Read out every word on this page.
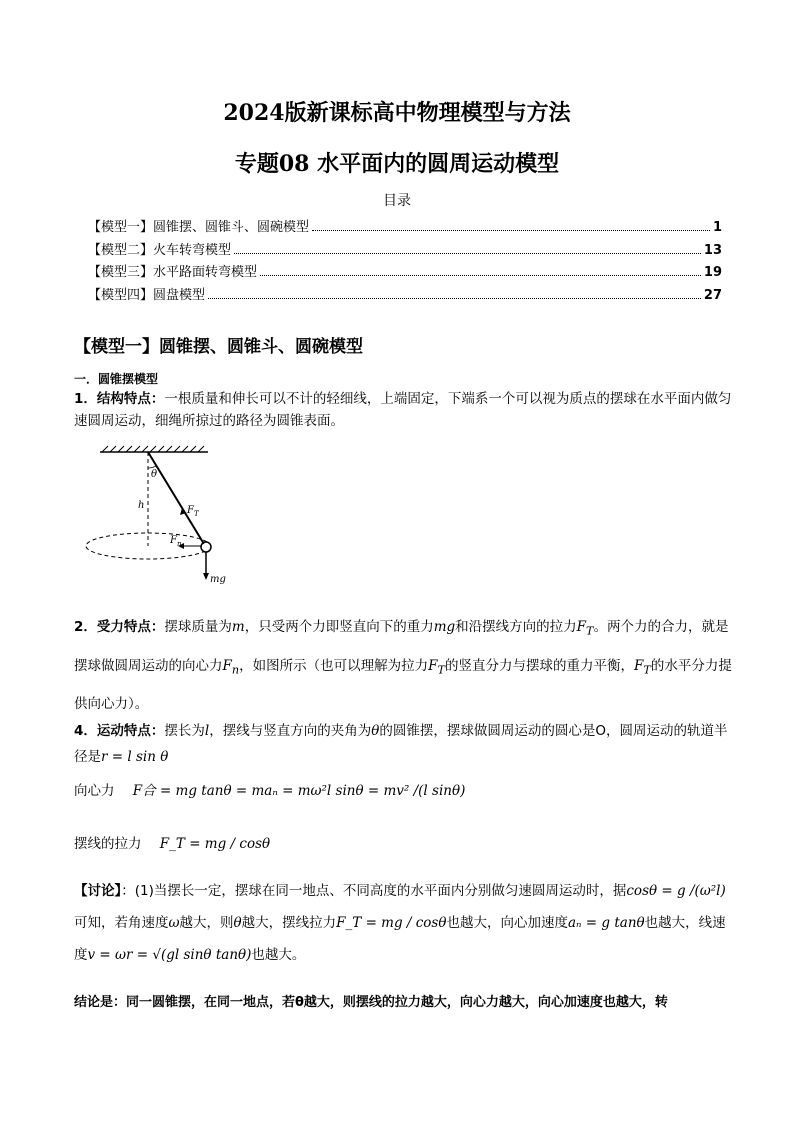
2024版新课标高中物理模型与方法
专题08 水平面内的圆周运动模型
目录
【模型一】圆锥摆、圆锥斗、圆碗模型	1
【模型二】火车转弯模型	13
【模型三】水平路面转弯模型	19
【模型四】圆盘模型	27
【模型一】圆锥摆、圆锥斗、圆碗模型
一．圆锥摆模型
1．结构特点：一根质量和伸长可以不计的轻细线，上端固定，下端系一个可以视为质点的摆球在水平面内做匀速圆周运动，细绳所掠过的路径为圆锥表面。
θ
h	F T
F n
mg
2．受力特点：摆球质量为m，只受两个力即竖直向下的重力mg和沿摆线方向的拉力$F_T$。两个力的合力，就是摆球做圆周运动的向心力$F_n$，如图所示（也可以理解为拉力$F_T$的竖直分力与摆球的重力平衡，$F_T$的水平分力提供向心力）。
4．运动特点：摆长为l，摆线与竖直方向的夹角为θ的圆锥摆，摆球做圆周运动的圆心是O，圆周运动的轨道半径是r = l sin θ
向心力 F合 = mg tanθ = maₙ = mω²l sinθ = mv² /(l sinθ)
摆线的拉力 F_T = mg / cosθ
【讨论】：(1)当摆长一定，摆球在同一地点、不同高度的水平面内分别做匀速圆周运动时，据cosθ = g /(ω²l)可知，若角速度ω越大，则θ越大，摆线拉力F_T = mg / cosθ也越大，向心加速度aₙ = g tanθ也越大，线速度v = ωr = √(gl sinθ tanθ)也越大。
结论是：同一圆锥摆，在同一地点，若θ越大，则摆线的拉力越大，向心力越大，向心加速度也越大，转
